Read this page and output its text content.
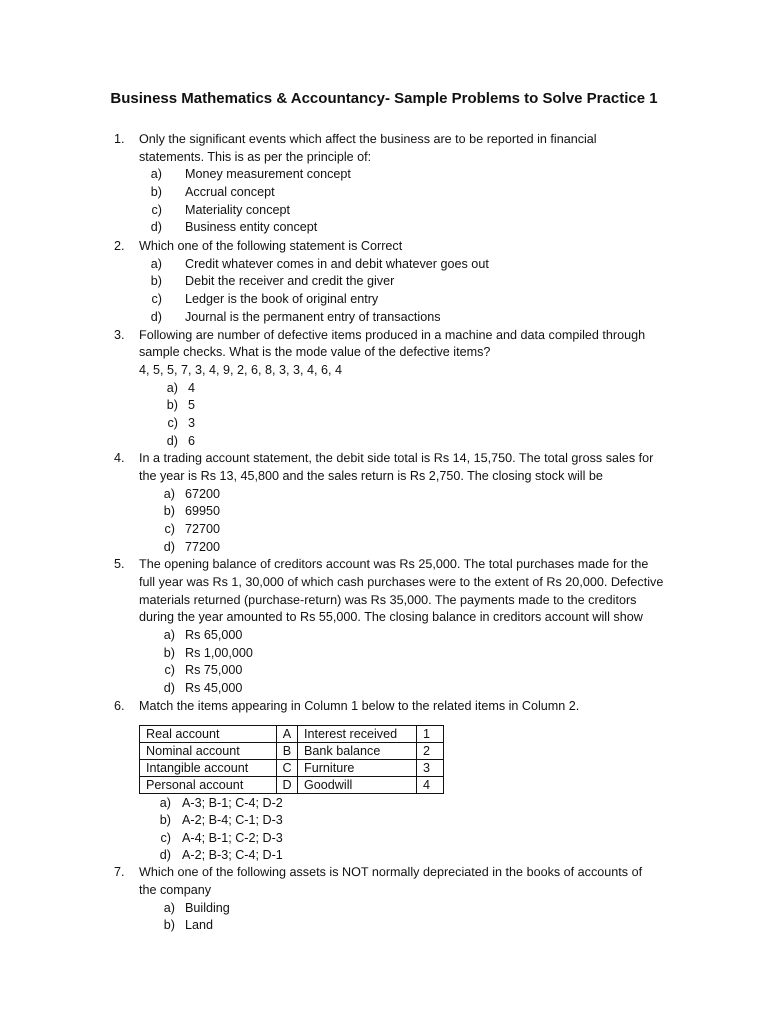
Business Mathematics & Accountancy- Sample Problems to Solve Practice 1
1. Only the significant events which affect the business are to be reported in financial
statements. This is as per the principle of:
a) Money measurement concept
b) Accrual concept
c) Materiality concept
d) Business entity concept
2. Which one of the following statement is Correct
a) Credit whatever comes in and debit whatever goes out
b) Debit the receiver and credit the giver
c) Ledger is the book of original entry
d) Journal is the permanent entry of transactions
3. Following are number of defective items produced in a machine and data compiled through
sample checks. What is the mode value of the defective items?
4, 5, 5, 7, 3, 4, 9, 2, 6, 8, 3, 3, 4, 6, 4
a) 4
b) 5
c) 3
d) 6
4. In a trading account statement, the debit side total is Rs 14, 15,750. The total gross sales for
the year is Rs 13, 45,800 and the sales return is Rs 2,750. The closing stock will be
a) 67200
b) 69950
c) 72700
d) 77200
5. The opening balance of creditors account was Rs 25,000. The total purchases made for the
full year was Rs 1, 30,000 of which cash purchases were to the extent of Rs 20,000. Defective
materials returned (purchase-return) was Rs 35,000. The payments made to the creditors
during the year amounted to Rs 55,000. The closing balance in creditors account will show
a) Rs 65,000
b) Rs 1,00,000
c) Rs 75,000
d) Rs 45,000
6. Match the items appearing in Column 1 below to the related items in Column 2.
Real account	A	Interest received	1
Nominal account	B	Bank balance	2
Intangible account	C	Furniture	3
Personal account	D	Goodwill	4
a) A-3; B-1; C-4; D-2
b) A-2; B-4; C-1; D-3
c) A-4; B-1; C-2; D-3
d) A-2; B-3; C-4; D-1
7. Which one of the following assets is NOT normally depreciated in the books of accounts of
the company
a) Building
b) Land
